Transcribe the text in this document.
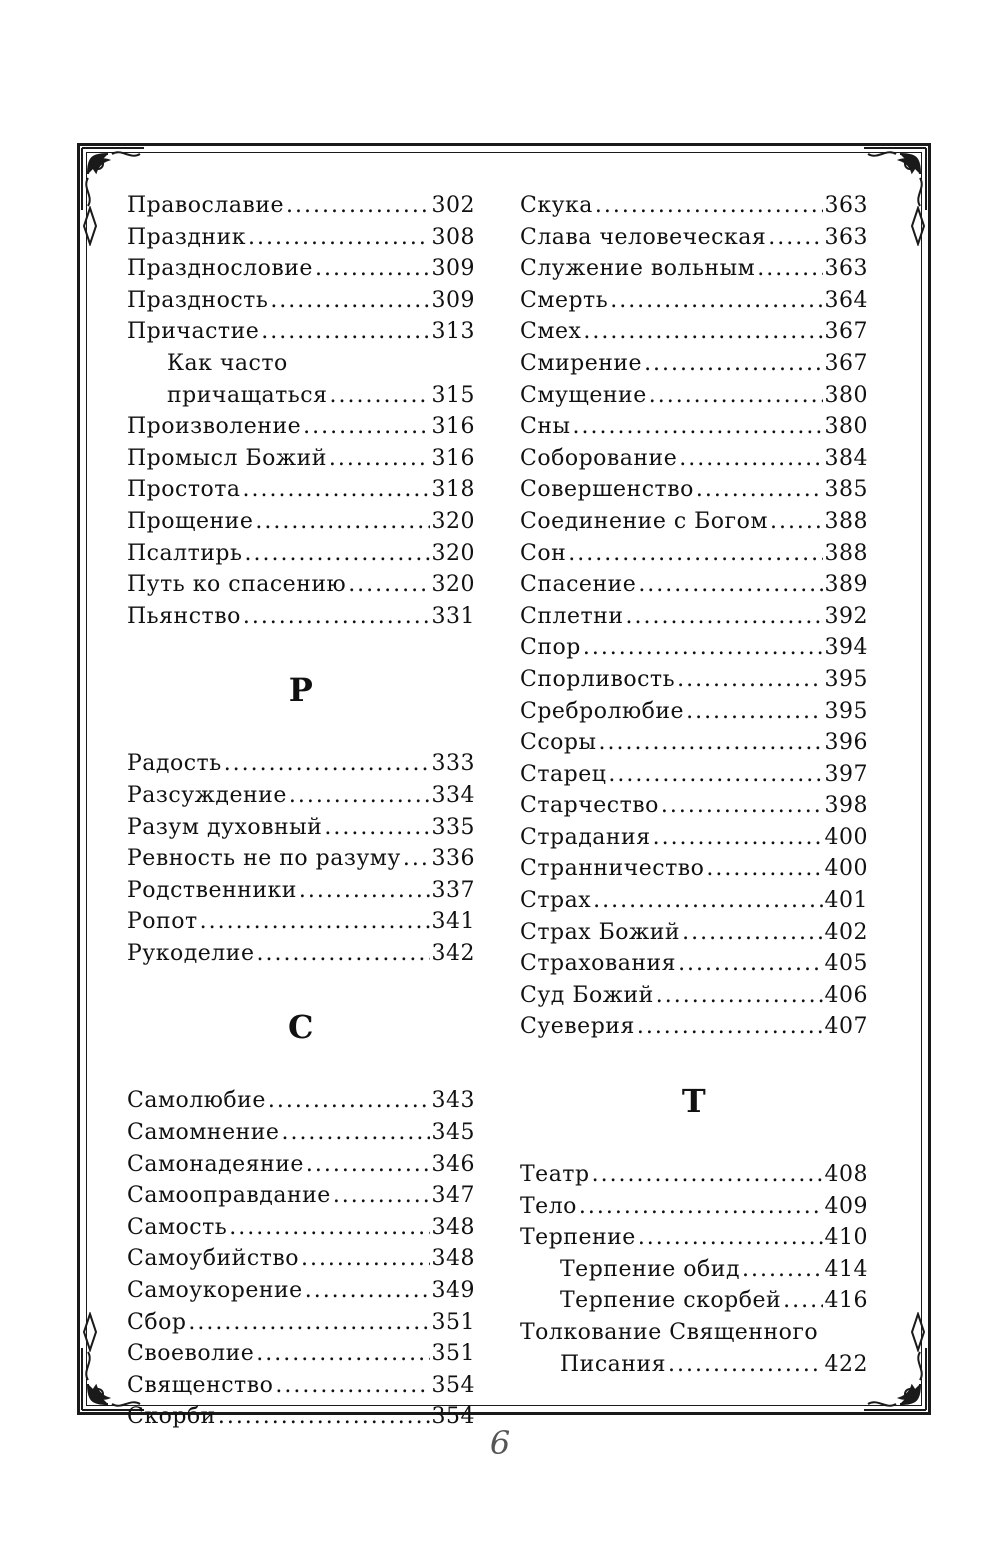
Православие .....	302
Праздник .....	308
Празднословие .....	309
Праздность .....	309
Причастие .....	313
Как часто
причащаться .....	315
Произволение .....	316
Промысл Божий .....	316
Простота .....	318
Прощение .....	320
Псалтирь .....	320
Путь ко спасению .....	320
Пьянство .....	331
Р
Радость .....	333
Разсуждение .....	334
Разум духовный .....	335
Ревность не по разуму ..... 336
Родственники .....	337
Ропот .....	341
Рукоделие .....	342
С
Самолюбие .....	343
Самомнение .....	345
Самонадеяние .....	346
Самооправдание .....	347
Самость .....	348
Самоубийство .....	348
Самоукорение .....	349
Сбор .....	351
Своеволие .....	351
Священство .....	354
Скорби .....	354
Скука .....	363
Слава человеческая .....	363
Служение вольным .....	363
Смерть .....	364
Смех .....	367
Смирение .....	367
Смущение .....	380
Сны .....	380
Соборование .....	384
Совершенство .....	385
Соединение с Богом .....	388
Сон .....	388
Спасение .....	389
Сплетни .....	392
Спор .....	394
Спорливость .....	395
Сребролюбие .....	395
Ссоры .....	396
Старец .....	397
Старчество .....	398
Страдания .....	400
Странничество .....	400
Страх .....	401
Страх Божий .....	402
Страхования .....	405
Суд Божий .....	406
Суеверия .....	407
Т
Театр .....	408
Тело .....	409
Терпение .....	410
Терпение обид .....	414
Терпение скорбей ..... 416
Толкование Священного
Писания .....	422
6
